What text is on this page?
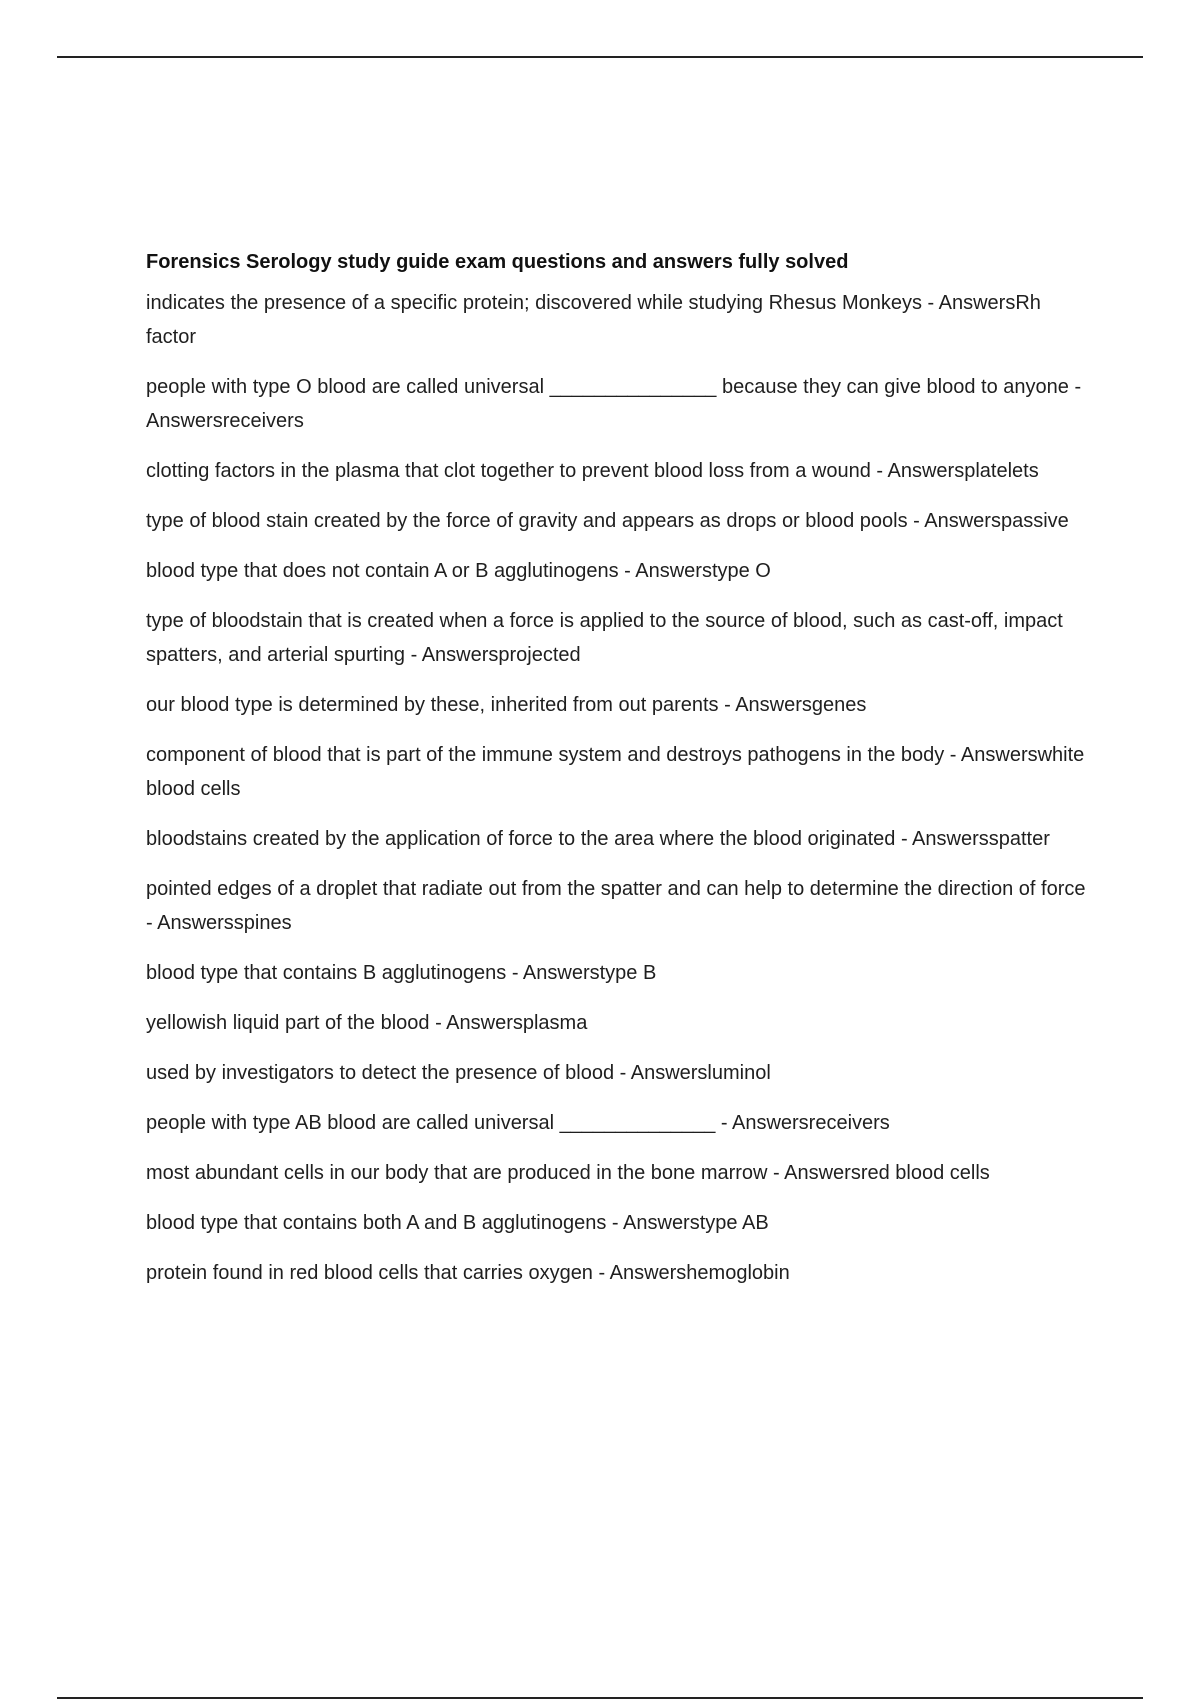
Forensics Serology study guide exam questions and answers fully solved
indicates the presence of a specific protein; discovered while studying Rhesus Monkeys - AnswersRh factor
people with type O blood are called universal _______________ because they can give blood to anyone - Answersreceivers
clotting factors in the plasma that clot together to prevent blood loss from a wound - Answersplatelets
type of blood stain created by the force of gravity and appears as drops or blood pools - Answerspassive
blood type that does not contain A or B agglutinogens - Answerstype O
type of bloodstain that is created when a force is applied to the source of blood, such as cast-off, impact spatters, and arterial spurting - Answersprojected
our blood type is determined by these, inherited from out parents - Answersgenes
component of blood that is part of the immune system and destroys pathogens in the body - Answerswhite blood cells
bloodstains created by the application of force to the area where the blood originated - Answersspatter
pointed edges of a droplet that radiate out from the spatter and can help to determine the direction of force - Answersspines
blood type that contains B agglutinogens - Answerstype B
yellowish liquid part of the blood - Answersplasma
used by investigators to detect the presence of blood - Answersluminol
people with type AB blood are called universal ______________ - Answersreceivers
most abundant cells in our body that are produced in the bone marrow - Answersred blood cells
blood type that contains both A and B agglutinogens - Answerstype AB
protein found in red blood cells that carries oxygen - Answershemoglobin
